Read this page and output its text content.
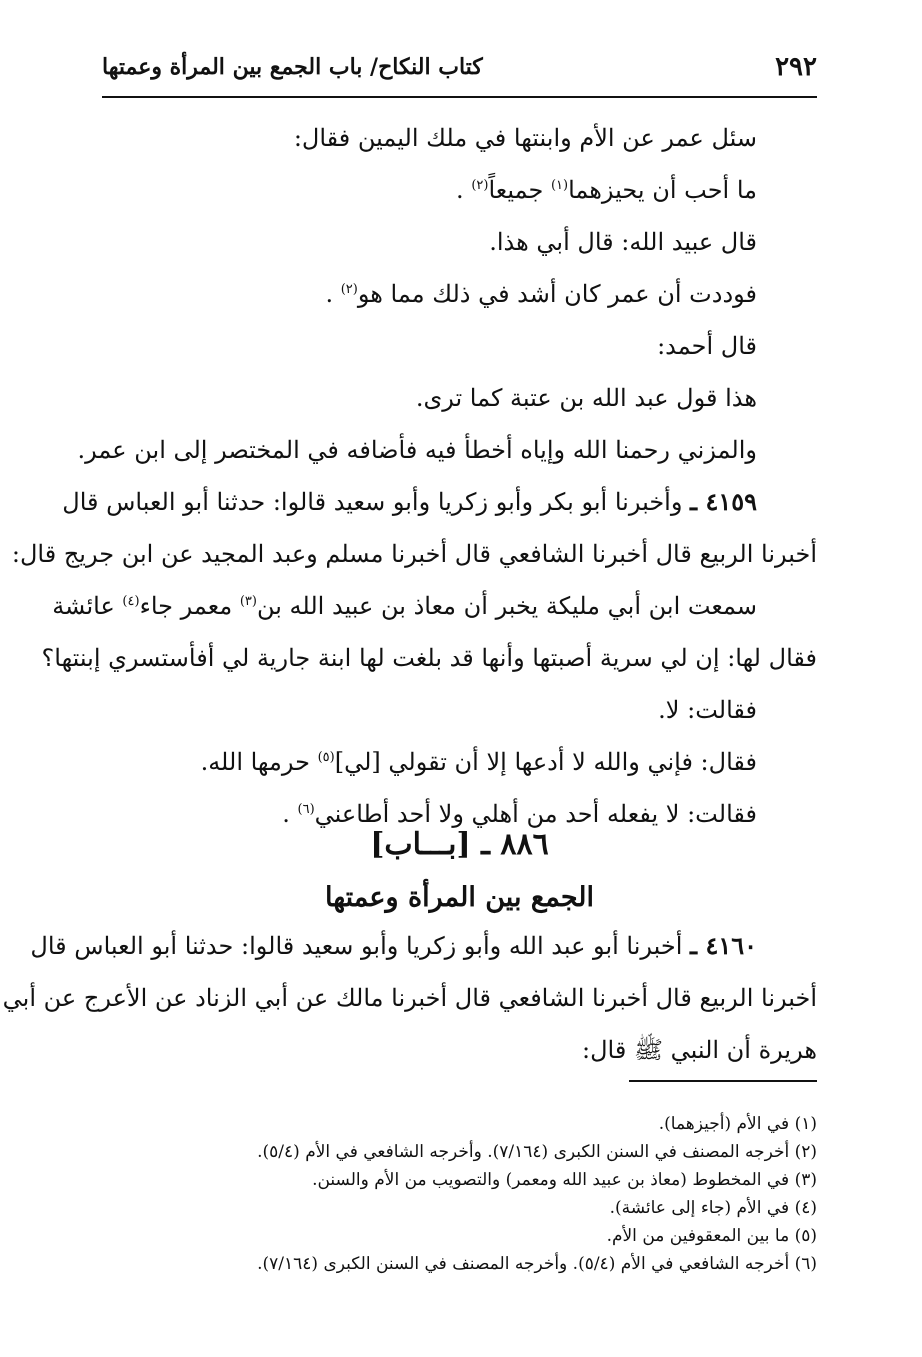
٢٩٢
كتاب النكاح/ باب الجمع بين المرأة وعمتها

سئل عمر عن الأم وابنتها في ملك اليمين فقال:

ما أحب أن يحيزهما$^{(١)}$ جميعاً$^{(٢)}$ .

قال عبيد الله: قال أبي هذا.

فوددت أن عمر كان أشد في ذلك مما هو$^{(٢)}$ .

قال أحمد:

هذا قول عبد الله بن عتبة كما ترى.

والمزني رحمنا الله وإياه أخطأ فيه فأضافه في المختصر إلى ابن عمر.

٤١٥٩ ـ وأخبرنا أبو بكر وأبو زكريا وأبو سعيد قالوا: حدثنا أبو العباس قال

أخبرنا الربيع قال أخبرنا الشافعي قال أخبرنا مسلم وعبد المجيد عن ابن جريج قال:

سمعت ابن أبي مليكة يخبر أن معاذ بن عبيد الله بن$^{(٣)}$ معمر جاء$^{(٤)}$ عائشة

فقال لها: إن لي سرية أصبتها وأنها قد بلغت لها ابنة جارية لي أفأستسري إبنتها؟

فقالت: لا.

فقال: فإني والله لا أدعها إلا أن تقولي [لي]$^{(٥)}$ حرمها الله.

فقالت: لا يفعله أحد من أهلي ولا أحد أطاعني$^{(٦)}$ .

٨٨٦ ـ [بـــاب]
الجمع بين المرأة وعمتها

٤١٦٠ ـ أخبرنا أبو عبد الله وأبو زكريا وأبو سعيد قالوا: حدثنا أبو العباس قال

أخبرنا الربيع قال أخبرنا الشافعي قال أخبرنا مالك عن أبي الزناد عن الأعرج عن أبي

هريرة أن النبي ﷺ قال:

(١) في الأم (أجيزهما).

(٢) أخرجه المصنف في السنن الكبرى (٧/١٦٤). وأخرجه الشافعي في الأم (٥/٤).

(٣) في المخطوط (معاذ بن عبيد الله ومعمر) والتصويب من الأم والسنن.

(٤) في الأم (جاء إلى عائشة).

(٥) ما بين المعقوفين من الأم.

(٦) أخرجه الشافعي في الأم (٥/٤). وأخرجه المصنف في السنن الكبرى (٧/١٦٤).
